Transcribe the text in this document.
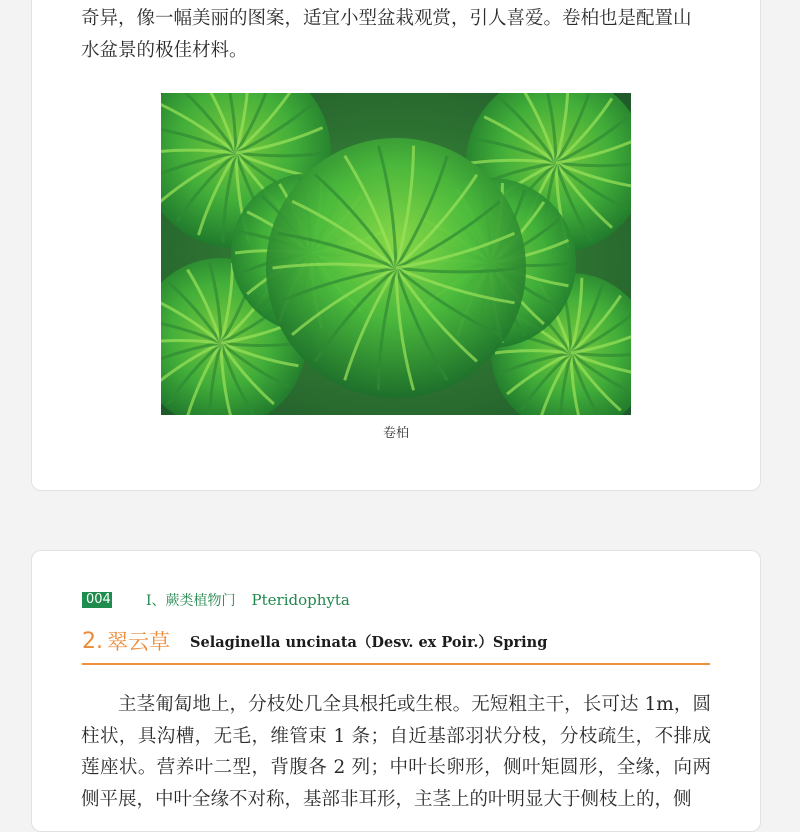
奇异，像一幅美丽的图案，适宜小型盆栽观赏，引人喜爱。卷柏也是配置山
水盆景的极佳材料。

卷柏
004	Ⅰ、蕨类植物门 Pteridophyta
2. 翠云草 Selaginella uncinata（Desv. ex Poir.）Spring

主茎匍匐地上，分枝处几全具根托或生根。无短粗主干，长可达 1m，圆柱状，具沟槽，无毛，维管束 1 条；自近基部羽状分枝，分枝疏生，不排成莲座状。营养叶二型，背腹各 2 列；中叶长卵形，侧叶矩圆形，全缘，向两侧平展，中叶全缘不对称，基部非耳形，主茎上的叶明显大于侧枝上的，侧
